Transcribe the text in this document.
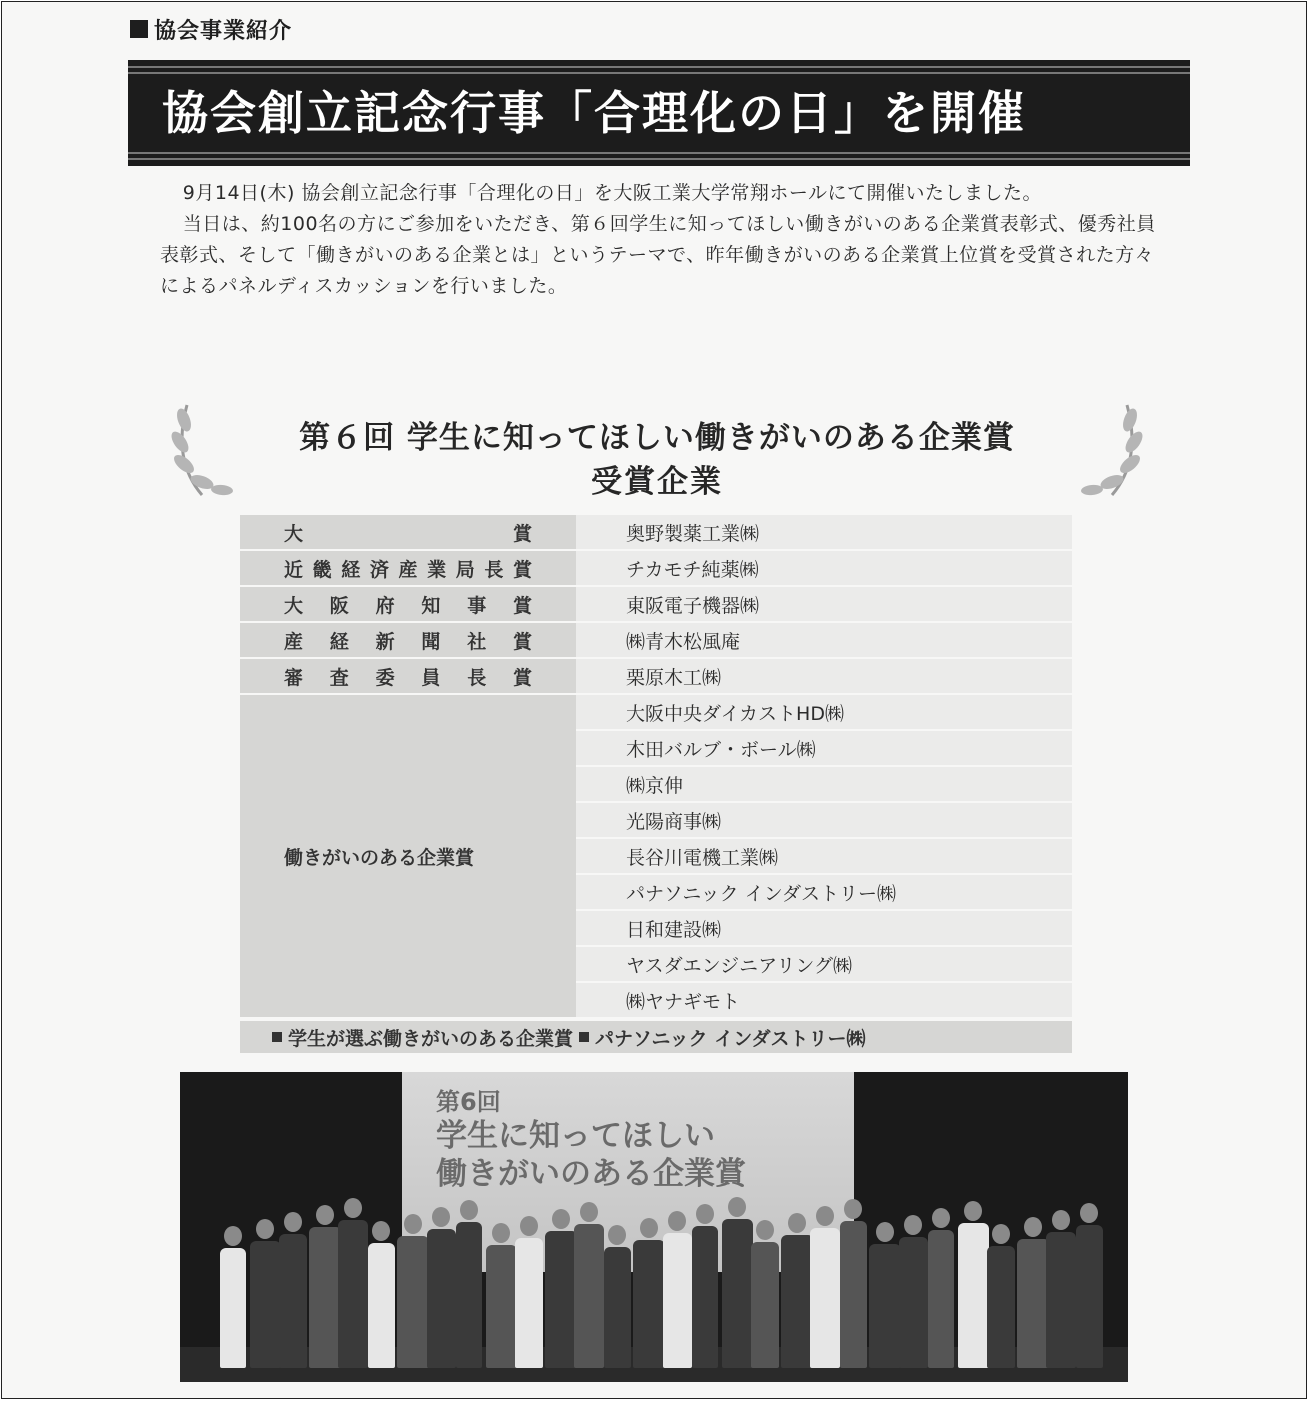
協会事業紹介
協会創立記念行事「合理化の日」を開催

9月14日(木) 協会創立記念行事「合理化の日」を大阪工業大学常翔ホールにて開催いたしました。

当日は、約100名の方にご参加をいただき、第６回学生に知ってほしい働きがいのある企業賞表彰式、優秀社員表彰式、そして「働きがいのある企業とは」というテーマで、昨年働きがいのある企業賞上位賞を受賞された方々によるパネルディスカッションを行いました。

第６回 学生に知ってほしい働きがいのある企業賞
受賞企業
大賞	奥野製薬工業㈱
近畿経済産業局長賞	チカモチ純薬㈱
大阪府知事賞	東阪電子機器㈱
産経新聞社賞	㈱青木松風庵
審査委員長賞	栗原木工㈱
働きがいのある企業賞
大阪中央ダイカストHD㈱
木田バルブ・ボール㈱
㈱京伸
光陽商事㈱
長谷川電機工業㈱
パナソニック インダストリー㈱
日和建設㈱
ヤスダエンジニアリング㈱
㈱ヤナギモト
学生が選ぶ働きがいのある企業賞 パナソニック インダストリー㈱
第6回
学生に知ってほしい
働きがいのある企業賞
